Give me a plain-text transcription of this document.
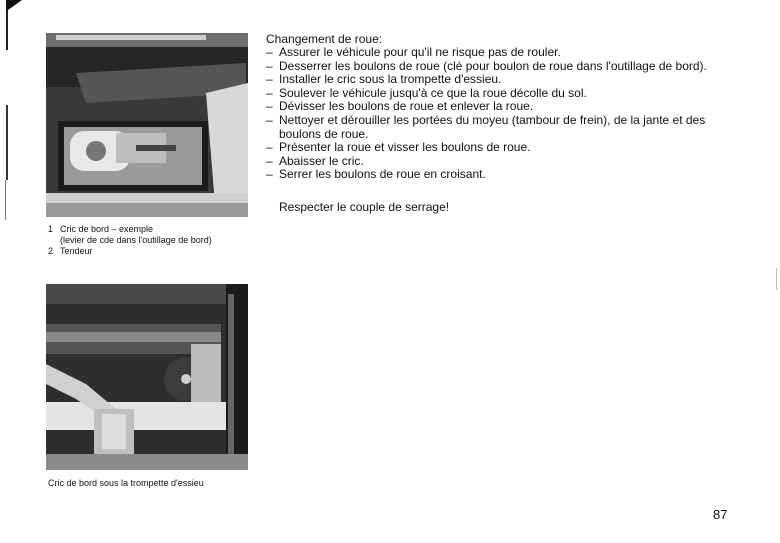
1 Cric de bord – exemple
(levier de cde dans l'outillage de bord)
2 Tendeur
Cric de bord sous la trompette d'essieu
Changement de roue:
– Assurer le véhicule pour qu'il ne risque pas de rouler.
– Desserrer les boulons de roue (clé pour boulon de roue dans l'outillage de bord).
– Installer le cric sous la trompette d'essieu.
– Soulever le véhicule jusqu'à ce que la roue décolle du sol.
– Dévisser les boulons de roue et enlever la roue.
– Nettoyer et dérouiller les portées du moyeu (tambour de frein), de la jante et des boulons de roue.
– Présenter la roue et visser les boulons de roue.
– Abaisser le cric.
– Serrer les boulons de roue en croisant.
Respecter le couple de serrage!
87
